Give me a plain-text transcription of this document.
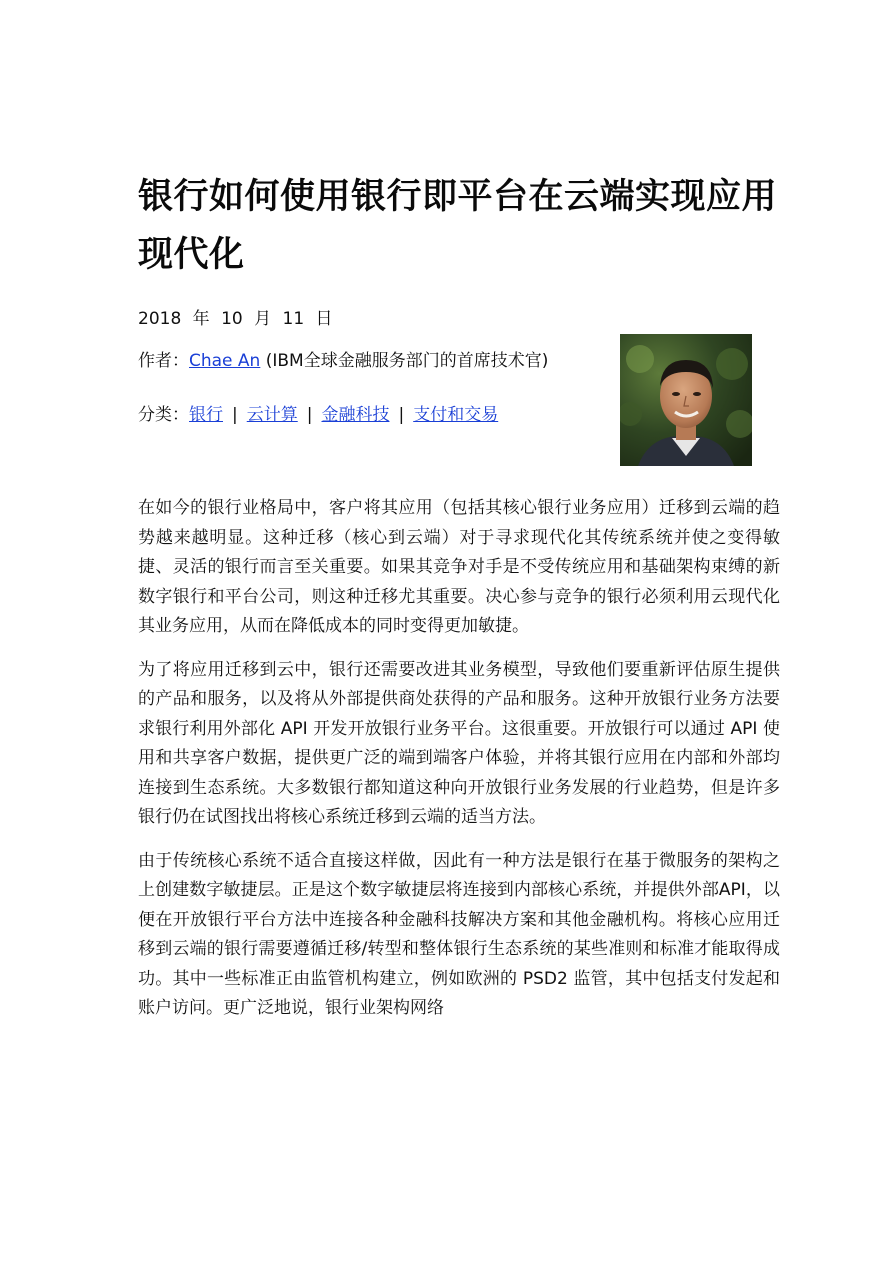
银行如何使用银行即平台在云端实现应用现代化
2018 年 10 月 11 日
作者：Chae An (IBM全球金融服务部门的首席技术官)
分类：银行 | 云计算 | 金融科技 | 支付和交易

在如今的银行业格局中，客户将其应用（包括其核心银行业务应用）迁移到云端的趋势越来越明显。这种迁移（核心到云端）对于寻求现代化其传统系统并使之变得敏捷、灵活的银行而言至关重要。如果其竞争对手是不受传统应用和基础架构束缚的新数字银行和平台公司，则这种迁移尤其重要。决心参与竞争的银行必须利用云现代化其业务应用，从而在降低成本的同时变得更加敏捷。

为了将应用迁移到云中，银行还需要改进其业务模型，导致他们要重新评估原生提供的产品和服务，以及将从外部提供商处获得的产品和服务。这种开放银行业务方法要求银行利用外部化 API 开发开放银行业务平台。这很重要。开放银行可以通过 API 使用和共享客户数据，提供更广泛的端到端客户体验，并将其银行应用在内部和外部均连接到生态系统。大多数银行都知道这种向开放银行业务发展的行业趋势，但是许多银行仍在试图找出将核心系统迁移到云端的适当方法。

由于传统核心系统不适合直接这样做，因此有一种方法是银行在基于微服务的架构之上创建数字敏捷层。正是这个数字敏捷层将连接到内部核心系统，并提供外部API，以便在开放银行平台方法中连接各种金融科技解决方案和其他金融机构。将核心应用迁移到云端的银行需要遵循迁移/转型和整体银行生态系统的某些准则和标准才能取得成功。其中一些标准正由监管机构建立，例如欧洲的 PSD2 监管，其中包括支付发起和账户访问。更广泛地说，银行业架构网络
